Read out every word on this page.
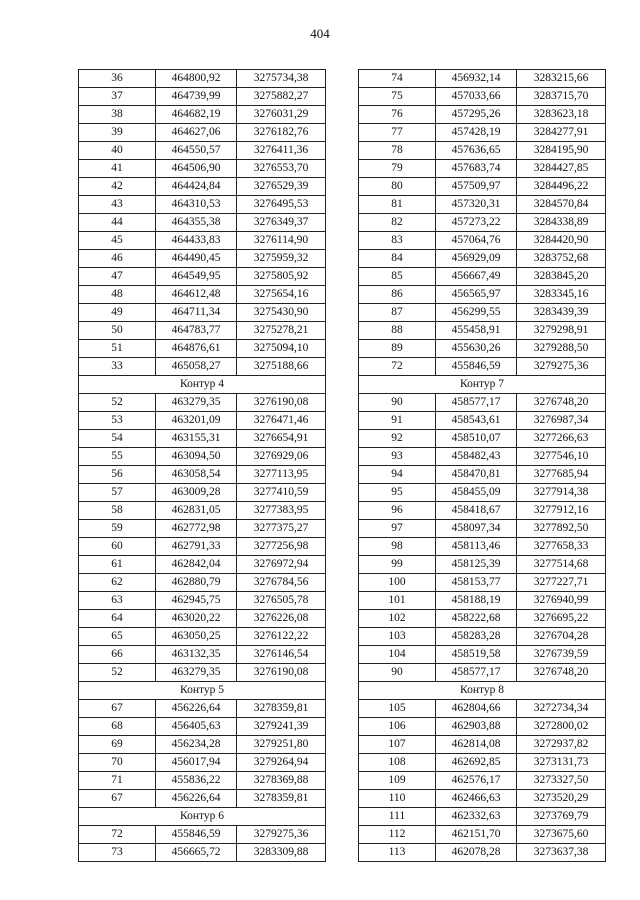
404
36	464800,92	3275734,38
37	464739,99	3275882,27
38	464682,19	3276031,29
39	464627,06	3276182,76
40	464550,57	3276411,36
41	464506,90	3276553,70
42	464424,84	3276529,39
43	464310,53	3276495,53
44	464355,38	3276349,37
45	464433,83	3276114,90
46	464490,45	3275959,32
47	464549,95	3275805,92
48	464612,48	3275654,16
49	464711,34	3275430,90
50	464783,77	3275278,21
51	464876,61	3275094,10
33	465058,27	3275188,66
Контур 4		
52	463279,35	3276190,08
53	463201,09	3276471,46
54	463155,31	3276654,91
55	463094,50	3276929,06
56	463058,54	3277113,95
57	463009,28	3277410,59
58	462831,05	3277383,95
59	462772,98	3277375,27
60	462791,33	3277256,98
61	462842,04	3276972,94
62	462880,79	3276784,56
63	462945,75	3276505,78
64	463020,22	3276226,08
65	463050,25	3276122,22
66	463132,35	3276146,54
52	463279,35	3276190,08
Контур 5		
67	456226,64	3278359,81
68	456405,63	3279241,39
69	456234,28	3279251,80
70	456017,94	3279264,94
71	455836,22	3278369,88
67	456226,64	3278359,81
Контур 6		
72	455846,59	3279275,36
73	456665,72	3283309,88
74	456932,14	3283215,66
75	457033,66	3283715,70
76	457295,26	3283623,18
77	457428,19	3284277,91
78	457636,65	3284195,90
79	457683,74	3284427,85
80	457509,97	3284496,22
81	457320,31	3284570,84
82	457273,22	3284338,89
83	457064,76	3284420,90
84	456929,09	3283752,68
85	456667,49	3283845,20
86	456565,97	3283345,16
87	456299,55	3283439,39
88	455458,91	3279298,91
89	455630,26	3279288,50
72	455846,59	3279275,36
Контур 7		
90	458577,17	3276748,20
91	458543,61	3276987,34
92	458510,07	3277266,63
93	458482,43	3277546,10
94	458470,81	3277685,94
95	458455,09	3277914,38
96	458418,67	3277912,16
97	458097,34	3277892,50
98	458113,46	3277658,33
99	458125,39	3277514,68
100	458153,77	3277227,71
101	458188,19	3276940,99
102	458222,68	3276695,22
103	458283,28	3276704,28
104	458519,58	3276739,59
90	458577,17	3276748,20
Контур 8		
105	462804,66	3272734,34
106	462903,88	3272800,02
107	462814,08	3272937,82
108	462692,85	3273131,73
109	462576,17	3273327,50
110	462466,63	3273520,29
111	462332,63	3273769,79
112	462151,70	3273675,60
113	462078,28	3273637,38
